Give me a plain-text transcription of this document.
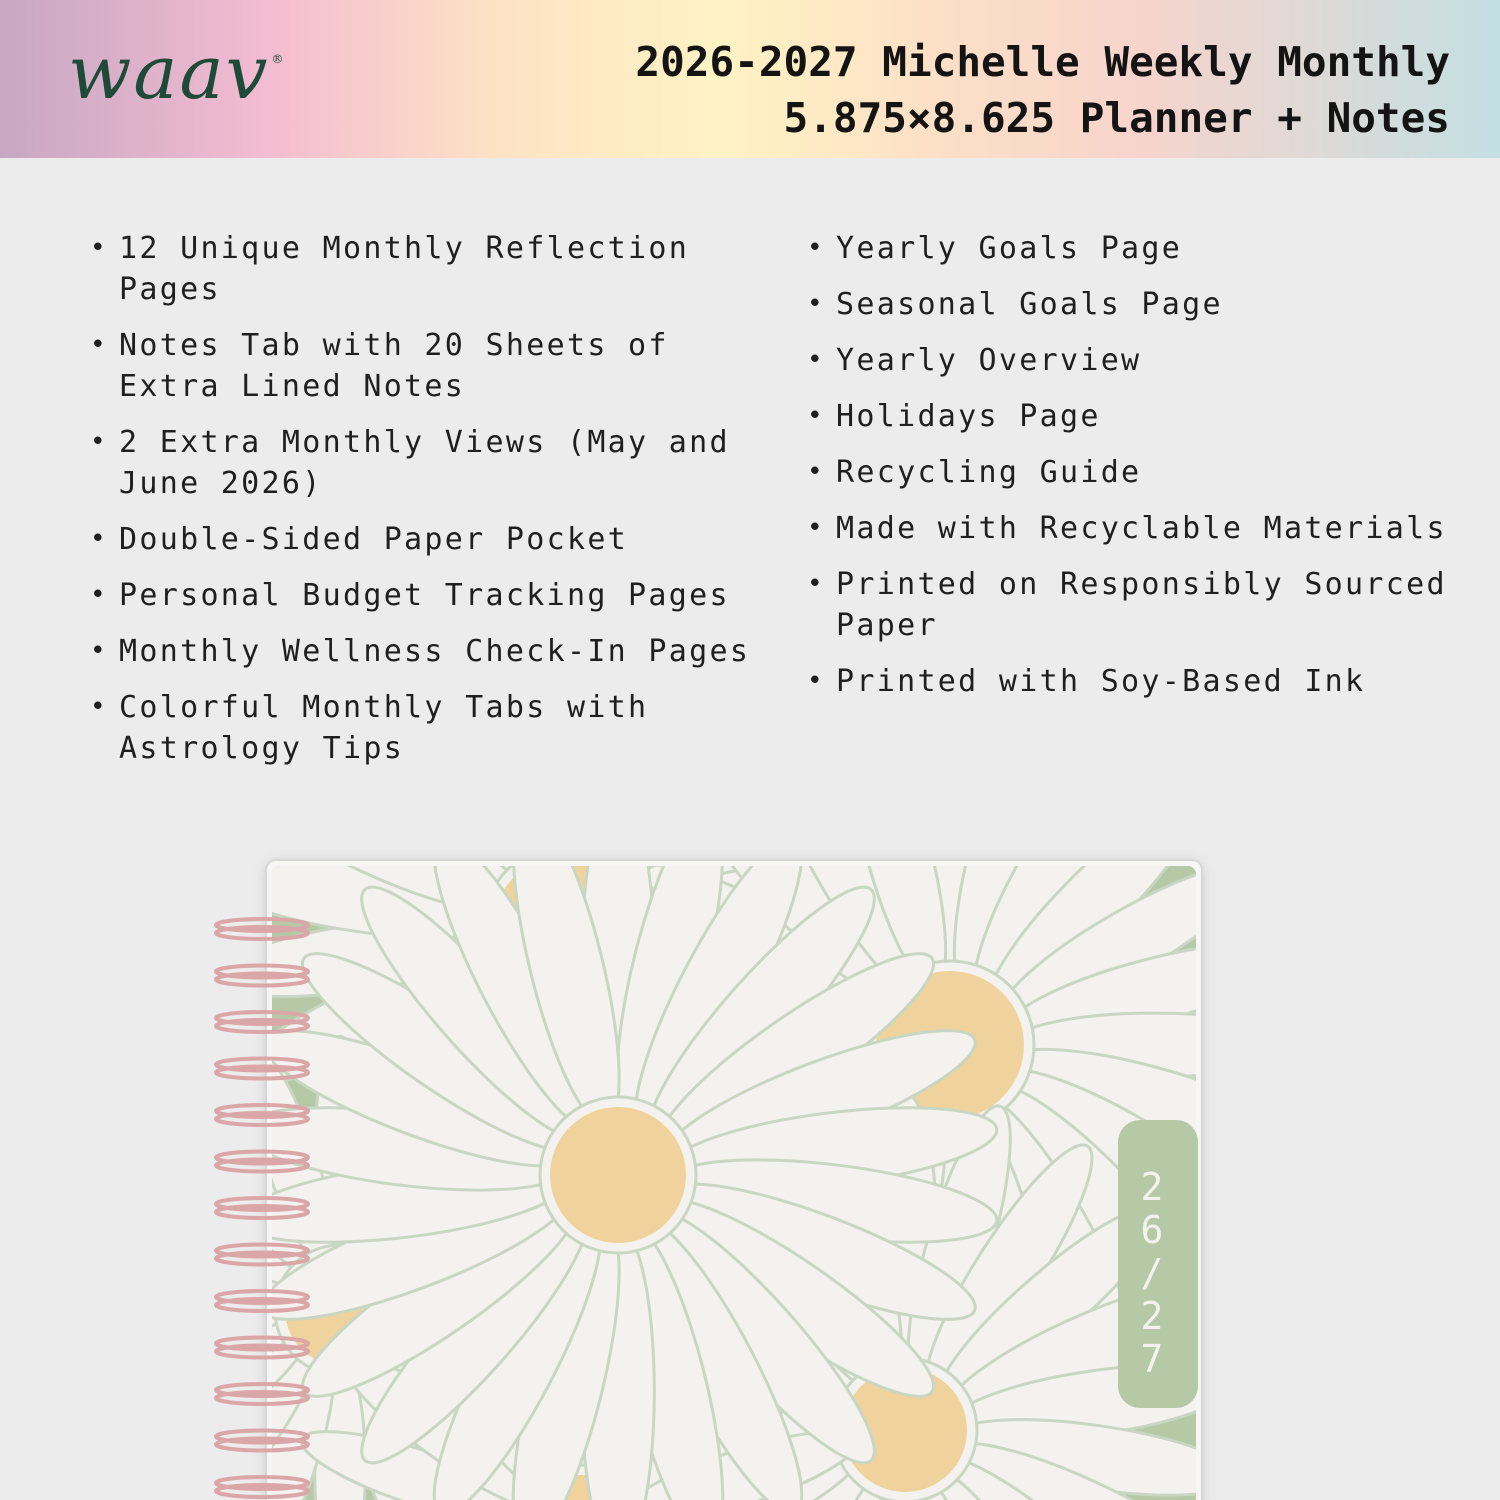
waav ®	2026-2027 Michelle Weekly Monthly
5.875×8.625 Planner + Notes
• 12 Unique Monthly Reflection Pages
• Notes Tab with 20 Sheets of Extra Lined Notes
• 2 Extra Monthly Views (May and June 2026)
• Double-Sided Paper Pocket
• Personal Budget Tracking Pages
• Monthly Wellness Check-In Pages
• Colorful Monthly Tabs with Astrology Tips
• Yearly Goals Page
• Seasonal Goals Page
• Yearly Overview
• Holidays Page
• Recycling Guide
• Made with Recyclable Materials
• Printed on Responsibly Sourced Paper
• Printed with Soy-Based Ink
2
6
/
2
7
